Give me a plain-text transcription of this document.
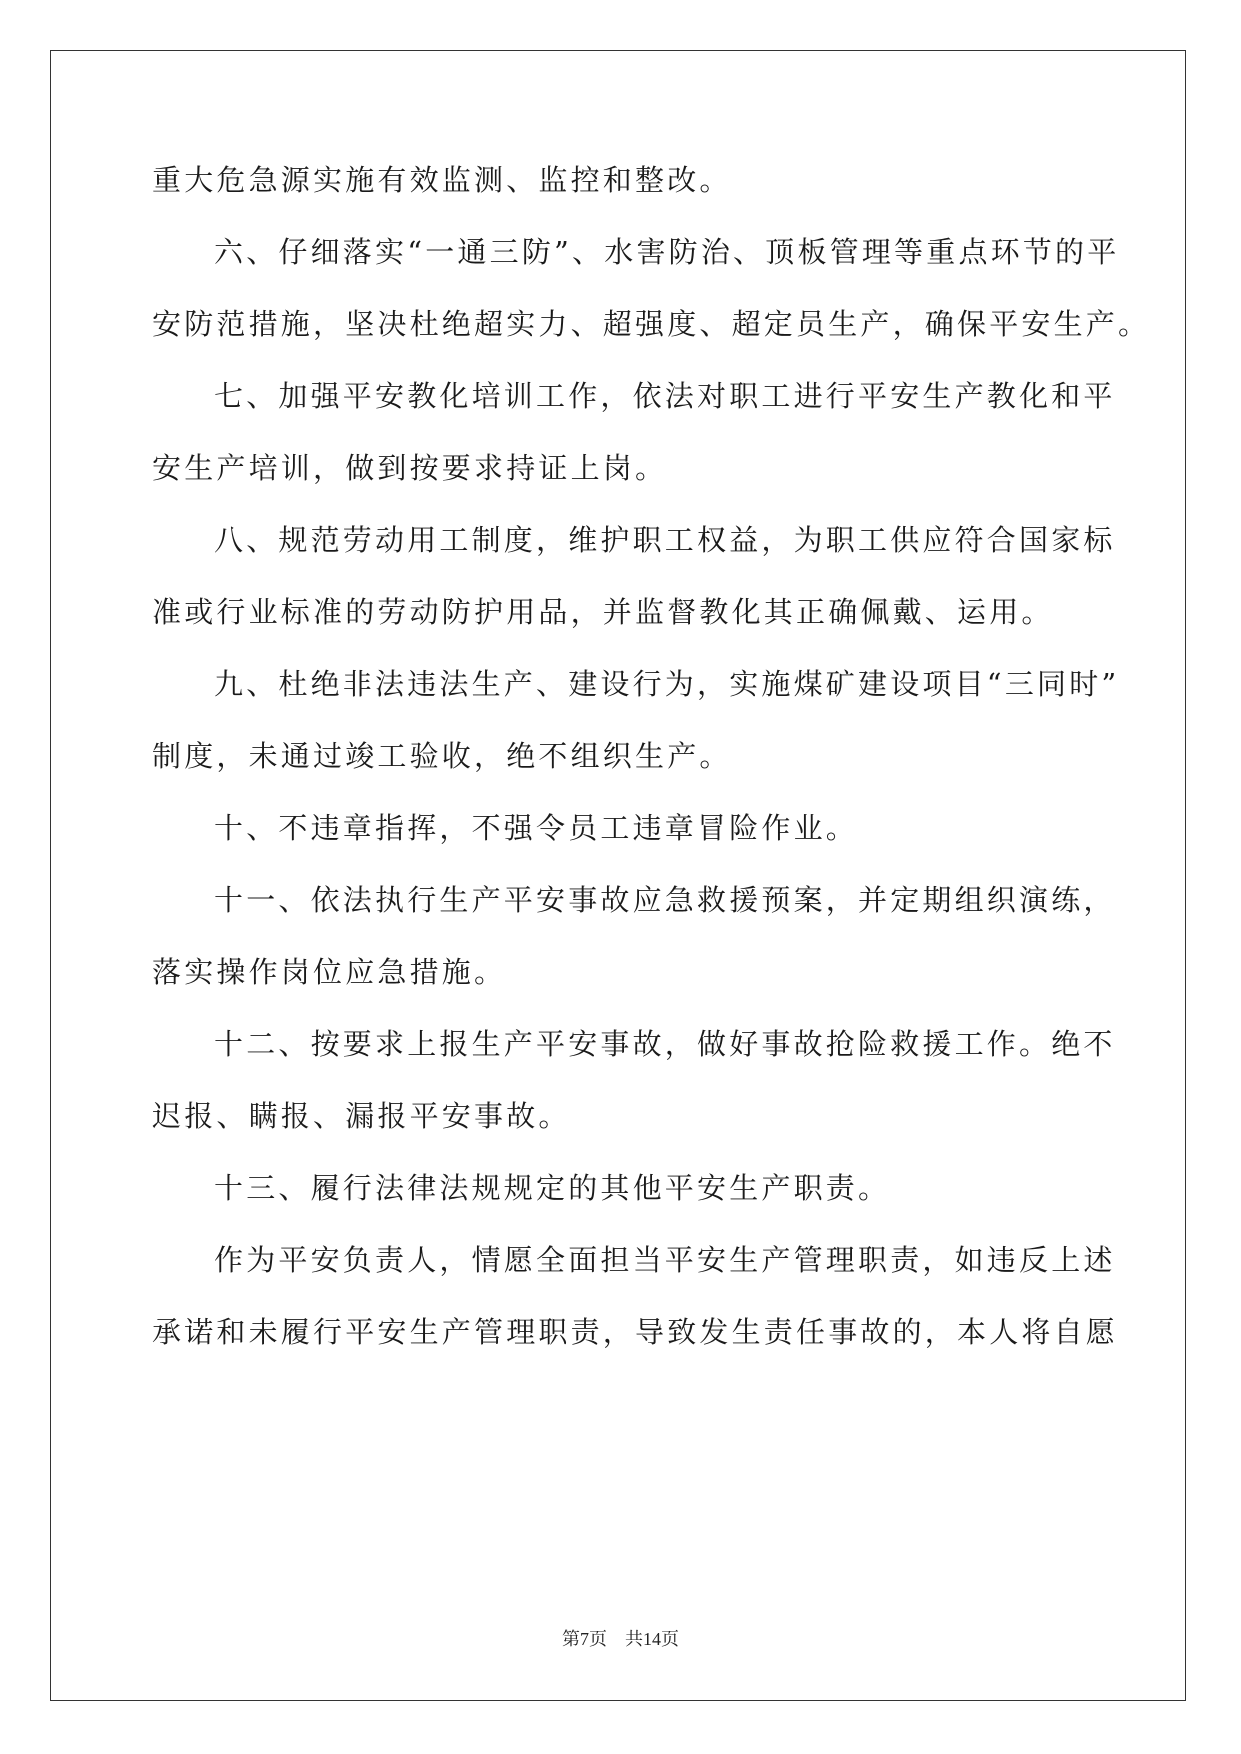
重大危急源实施有效监测、监控和整改。
六、仔细落实“一通三防”、水害防治、顶板管理等重点环节的平
安防范措施，坚决杜绝超实力、超强度、超定员生产，确保平安生产。
七、加强平安教化培训工作，依法对职工进行平安生产教化和平
安生产培训，做到按要求持证上岗。
八、规范劳动用工制度，维护职工权益，为职工供应符合国家标
准或行业标准的劳动防护用品，并监督教化其正确佩戴、运用。
九、杜绝非法违法生产、建设行为，实施煤矿建设项目“三同时”
制度，未通过竣工验收，绝不组织生产。
十、不违章指挥，不强令员工违章冒险作业。
十一、依法执行生产平安事故应急救援预案，并定期组织演练，
落实操作岗位应急措施。
十二、按要求上报生产平安事故，做好事故抢险救援工作。绝不
迟报、瞒报、漏报平安事故。
十三、履行法律法规规定的其他平安生产职责。
作为平安负责人，情愿全面担当平安生产管理职责，如违反上述
承诺和未履行平安生产管理职责，导致发生责任事故的，本人将自愿
第7页 共14页
